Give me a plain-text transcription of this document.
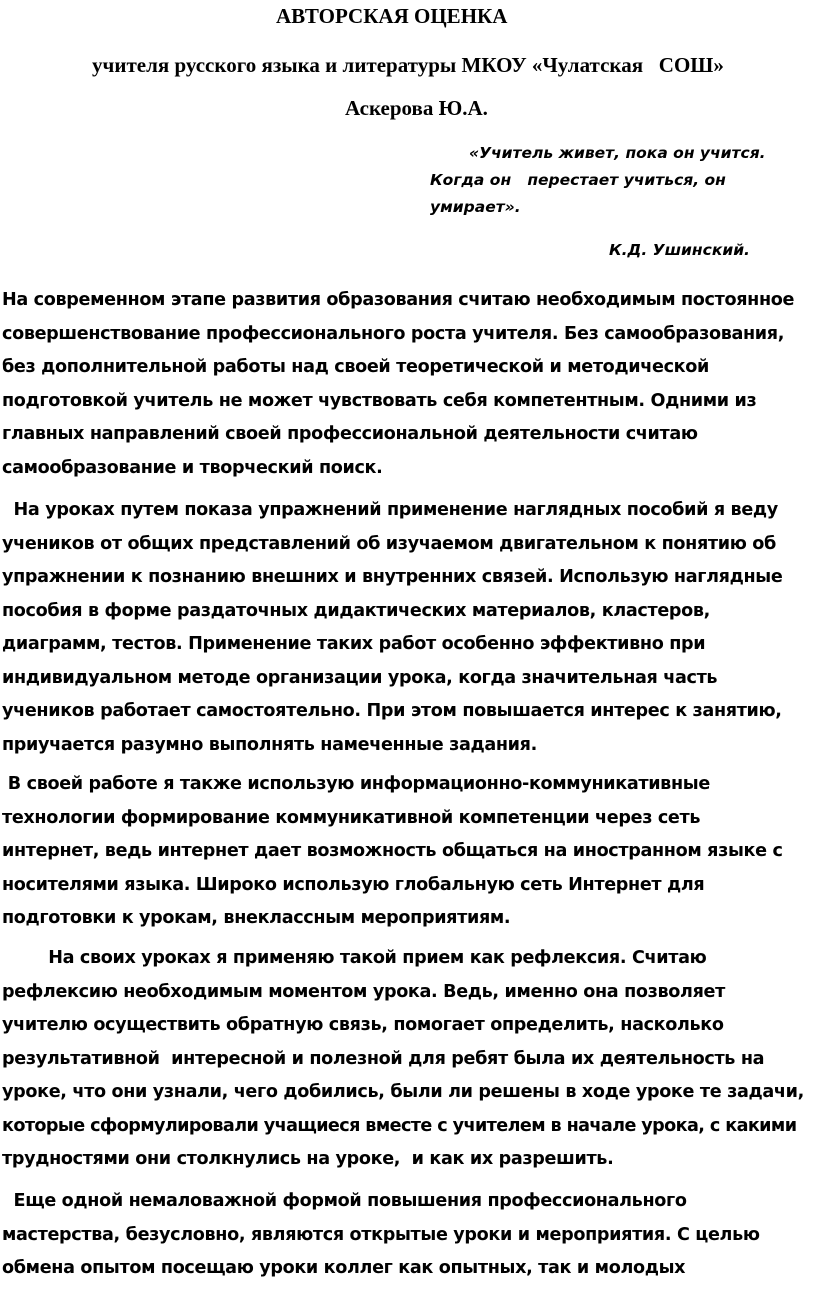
АВТОРСКАЯ ОЦЕНКА
учителя русского языка и литературы МКОУ «Чулатская   СОШ»
Аскерова Ю.А.
«Учитель живет, пока он учится.
Когда он   перестает учиться, он
умирает».
К.Д. Ушинский.
На современном этапе развития образования считаю необходимым постоянное
совершенствование профессионального роста учителя. Без самообразования,
без дополнительной работы над своей теоретической и методической
подготовкой учитель не может чувствовать себя компетентным. Одними из
главных направлений своей профессиональной деятельности считаю
самообразование и творческий поиск.
На уроках путем показа упражнений применение наглядных пособий я веду
учеников от общих представлений об изучаемом двигательном к понятию об
упражнении к познанию внешних и внутренних связей. Использую наглядные
пособия в форме раздаточных дидактических материалов, кластеров,
диаграмм, тестов. Применение таких работ особенно эффективно при
индивидуальном методе организации урока, когда значительная часть
учеников работает самостоятельно. При этом повышается интерес к занятию,
приучается разумно выполнять намеченные задания.
В своей работе я также использую информационно-коммуникативные
технологии формирование коммуникативной компетенции через сеть
интернет, ведь интернет дает возможность общаться на иностранном языке с
носителями языка. Широко использую глобальную сеть Интернет для
подготовки к урокам, внеклассным мероприятиям.
На своих уроках я применяю такой прием как рефлексия. Считаю
рефлексию необходимым моментом урока. Ведь, именно она позволяет
учителю осуществить обратную связь, помогает определить, насколько
результативной  интересной и полезной для ребят была их деятельность на
уроке, что они узнали, чего добились, были ли решены в ходе уроке те задачи,
которые сформулировали учащиеся вместе с учителем в начале урока, с какими
трудностями они столкнулись на уроке,  и как их разрешить.
Еще одной немаловажной формой повышения профессионального
мастерства, безусловно, являются открытые уроки и мероприятия. С целью
обмена опытом посещаю уроки коллег как опытных, так и молодых
